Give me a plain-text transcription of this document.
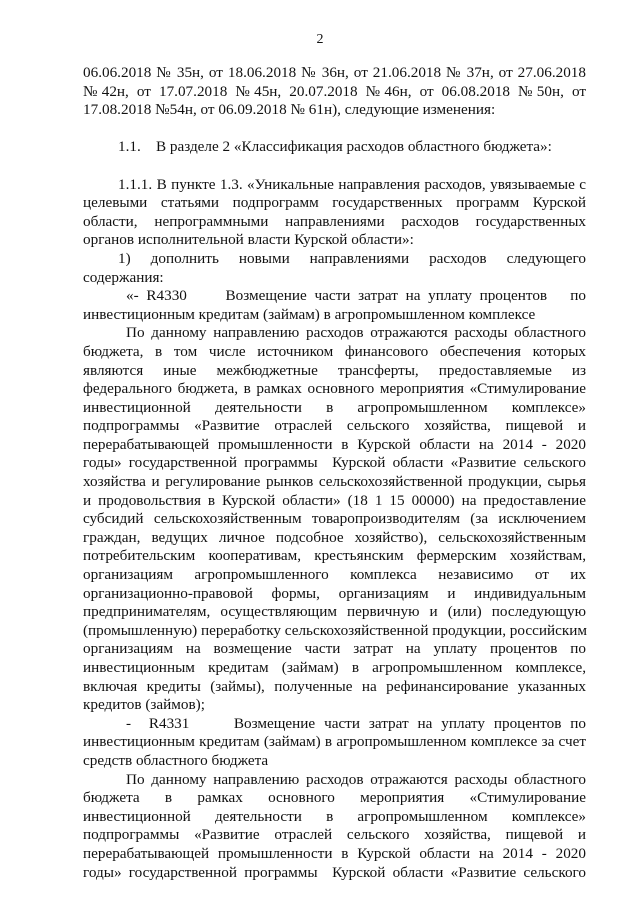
2
06.06.2018 № 35н, от 18.06.2018 № 36н, от 21.06.2018 № 37н, от 27.06.2018
№42н, от 17.07.2018 №45н, 20.07.2018 №46н, от 06.08.2018 №50н, от
17.08.2018 №54н, от 06.09.2018 № 61н), следующие изменения:
1.1.    В разделе 2 «Классификация расходов областного бюджета»:
1.1.1. В пункте 1.3. «Уникальные направления расходов, увязываемые с
целевыми статьями подпрограмм государственных программ Курской
области, непрограммными направлениями расходов государственных
органов исполнительной власти Курской области»:
1) дополнить новыми направлениями расходов следующего
содержания:
«- R4330     Возмещение части затрат на уплату процентов   по
инвестиционным кредитам (займам) в агропромышленном комплексе
По данному направлению расходов отражаются расходы областного
бюджета, в том числе источником финансового обеспечения которых
являются иные межбюджетные трансферты, предоставляемые из
федерального бюджета, в рамках основного мероприятия «Стимулирование
инвестиционной деятельности в агропромышленном комплексе»
подпрограммы «Развитие отраслей сельского хозяйства, пищевой и
перерабатывающей промышленности в Курской области на 2014 - 2020
годы» государственной программы  Курской области «Развитие сельского
хозяйства и регулирование рынков сельскохозяйственной продукции, сырья
и продовольствия в Курской области» (18 1 15 00000) на предоставление
субсидий сельскохозяйственным товаропроизводителям (за исключением
граждан, ведущих личное подсобное хозяйство), сельскохозяйственным
потребительским кооперативам, крестьянским фермерским хозяйствам,
организациям агропромышленного комплекса независимо от их
организационно-правовой формы, организациям и индивидуальным
предпринимателям, осуществляющим первичную и (или) последующую
(промышленную) переработку сельскохозяйственной продукции, российским
организациям на возмещение части затрат на уплату процентов по
инвестиционным кредитам (займам) в агропромышленном комплексе,
включая кредиты (займы), полученные на рефинансирование указанных
кредитов (займов);
-  R4331     Возмещение части затрат на уплату процентов по
инвестиционным кредитам (займам) в агропромышленном комплексе за счет
средств областного бюджета
По данному направлению расходов отражаются расходы областного
бюджета в рамках основного мероприятия «Стимулирование
инвестиционной деятельности в агропромышленном комплексе»
подпрограммы «Развитие отраслей сельского хозяйства, пищевой и
перерабатывающей промышленности в Курской области на 2014 - 2020
годы» государственной программы  Курской области «Развитие сельского
